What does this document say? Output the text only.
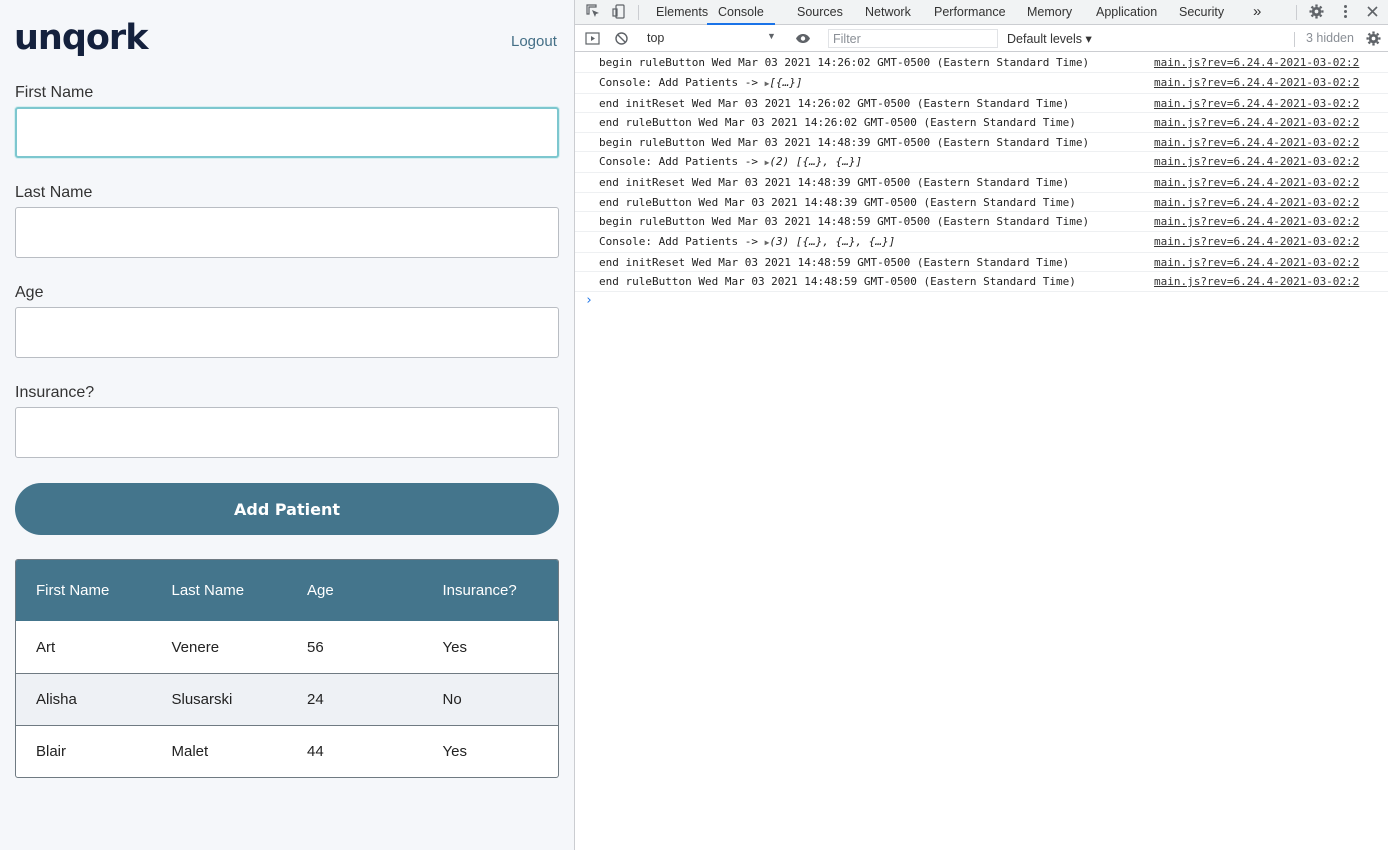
unqork	Logout
First Name
Last Name
Age
Insurance?
Add Patient
First Name	Last Name	Age	Insurance?
Art	Venere	56	Yes
Alisha	Slusarski	24	No
Blair	Malet	44	Yes
Elements Console	Sources Network Performance Memory Application Security »
top	▼
Filter	Default levels ▾	3 hidden
begin ruleButton Wed Mar 03 2021 14:26:02 GMT-0500 (Eastern Standard Time)	main.js?rev=6.24.4-2021-03-02:2
Console: Add Patients -> ▶[{…}]	main.js?rev=6.24.4-2021-03-02:2
end initReset Wed Mar 03 2021 14:26:02 GMT-0500 (Eastern Standard Time)	main.js?rev=6.24.4-2021-03-02:2
end ruleButton Wed Mar 03 2021 14:26:02 GMT-0500 (Eastern Standard Time)	main.js?rev=6.24.4-2021-03-02:2
begin ruleButton Wed Mar 03 2021 14:48:39 GMT-0500 (Eastern Standard Time)	main.js?rev=6.24.4-2021-03-02:2
Console: Add Patients -> ▶(2) [{…}, {…}]	main.js?rev=6.24.4-2021-03-02:2
end initReset Wed Mar 03 2021 14:48:39 GMT-0500 (Eastern Standard Time)	main.js?rev=6.24.4-2021-03-02:2
end ruleButton Wed Mar 03 2021 14:48:39 GMT-0500 (Eastern Standard Time)	main.js?rev=6.24.4-2021-03-02:2
begin ruleButton Wed Mar 03 2021 14:48:59 GMT-0500 (Eastern Standard Time)	main.js?rev=6.24.4-2021-03-02:2
Console: Add Patients -> ▶(3) [{…}, {…}, {…}]	main.js?rev=6.24.4-2021-03-02:2
end initReset Wed Mar 03 2021 14:48:59 GMT-0500 (Eastern Standard Time)	main.js?rev=6.24.4-2021-03-02:2
end ruleButton Wed Mar 03 2021 14:48:59 GMT-0500 (Eastern Standard Time)	main.js?rev=6.24.4-2021-03-02:2
›
